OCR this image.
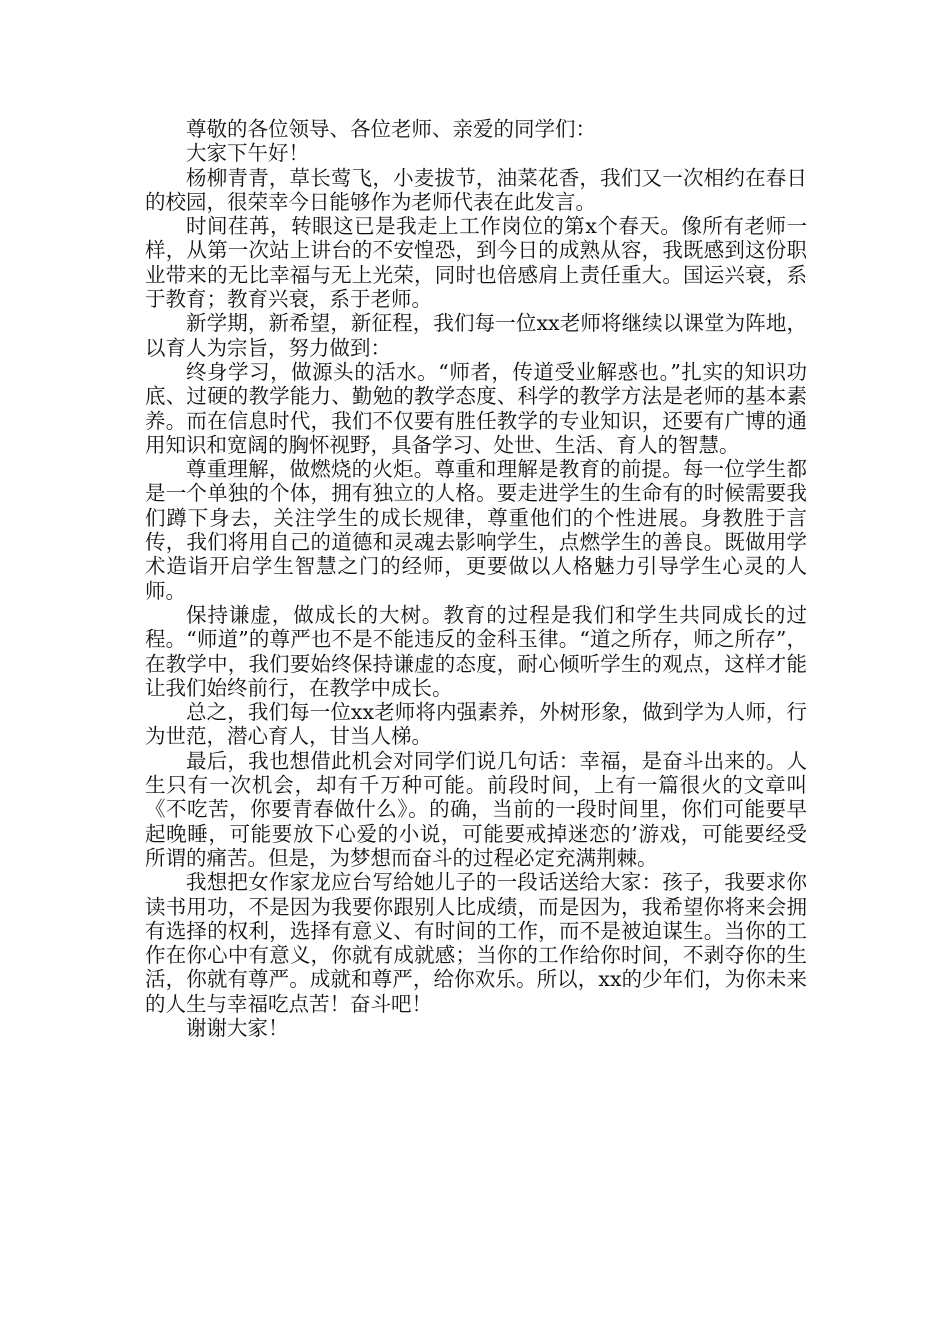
尊敬的各位领导、各位老师、亲爱的同学们：

大家下午好！

杨柳青青，草长莺飞，小麦拔节，油菜花香，我们又一次相约在春日的校园，很荣幸今日能够作为老师代表在此发言。

时间荏苒，转眼这已是我走上工作岗位的第x个春天。像所有老师一样，从第一次站上讲台的不安惶恐，到今日的成熟从容，我既感到这份职业带来的无比幸福与无上光荣，同时也倍感肩上责任重大。国运兴衰，系于教育；教育兴衰，系于老师。

新学期，新希望，新征程，我们每一位xx老师将继续以课堂为阵地，以育人为宗旨，努力做到：

终身学习，做源头的活水。“师者，传道受业解惑也。”扎实的知识功底、过硬的教学能力、勤勉的教学态度、科学的教学方法是老师的基本素养。而在信息时代，我们不仅要有胜任教学的专业知识，还要有广博的通用知识和宽阔的胸怀视野，具备学习、处世、生活、育人的智慧。

尊重理解，做燃烧的火炬。尊重和理解是教育的前提。每一位学生都是一个单独的个体，拥有独立的人格。要走进学生的生命有的时候需要我们蹲下身去，关注学生的成长规律，尊重他们的个性进展。身教胜于言传，我们将用自己的道德和灵魂去影响学生，点燃学生的善良。既做用学术造诣开启学生智慧之门的经师，更要做以人格魅力引导学生心灵的人师。

保持谦虚，做成长的大树。教育的过程是我们和学生共同成长的过程。“师道”的尊严也不是不能违反的金科玉律。“道之所存，师之所存”，在教学中，我们要始终保持谦虚的态度，耐心倾听学生的观点，这样才能让我们始终前行，在教学中成长。

总之，我们每一位xx老师将内强素养，外树形象，做到学为人师，行为世范，潜心育人，甘当人梯。

最后，我也想借此机会对同学们说几句话：幸福，是奋斗出来的。人生只有一次机会，却有千万种可能。前段时间，上有一篇很火的文章叫《不吃苦，你要青春做什么》。的确，当前的一段时间里，你们可能要早起晚睡，可能要放下心爱的小说，可能要戒掉迷恋的’游戏，可能要经受所谓的痛苦。但是，为梦想而奋斗的过程必定充满荆棘。

我想把女作家龙应台写给她儿子的一段话送给大家：孩子，我要求你读书用功，不是因为我要你跟别人比成绩，而是因为，我希望你将来会拥有选择的权利，选择有意义、有时间的工作，而不是被迫谋生。当你的工作在你心中有意义，你就有成就感；当你的工作给你时间，不剥夺你的生活，你就有尊严。成就和尊严，给你欢乐。所以，xx的少年们，为你未来的人生与幸福吃点苦！奋斗吧！

谢谢大家！
